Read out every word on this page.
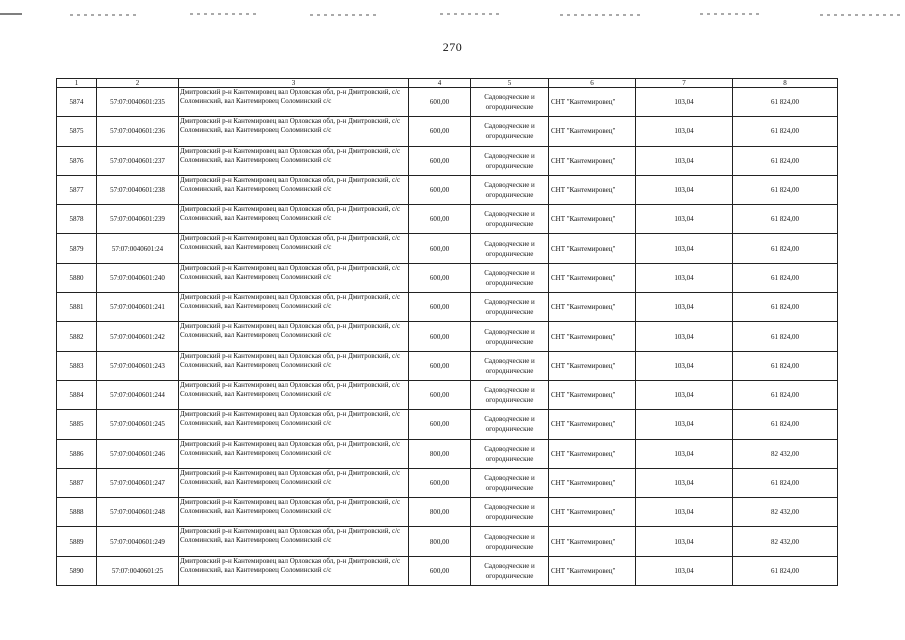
270
1	2	3	4	5	6	7	8
5874	57:07:0040601:235	Дмитровский р-н Кантемировец вал Орловская обл, р-н Дмитровский, с/с Соломинский, вал Кантемировец Соломинский с/с	600,00	Садоводческие и огороднические	СНТ "Кантемировец"	103,04	61 824,00
5875	57:07:0040601:236	Дмитровский р-н Кантемировец вал Орловская обл, р-н Дмитровский, с/с Соломинский, вал Кантемировец Соломинский с/с	600,00	Садоводческие и огороднические	СНТ "Кантемировец"	103,04	61 824,00
5876	57:07:0040601:237	Дмитровский р-н Кантемировец вал Орловская обл, р-н Дмитровский, с/с Соломинский, вал Кантемировец Соломинский с/с	600,00	Садоводческие и огороднические	СНТ "Кантемировец"	103,04	61 824,00
5877	57:07:0040601:238	Дмитровский р-н Кантемировец вал Орловская обл, р-н Дмитровский, с/с Соломинский, вал Кантемировец Соломинский с/с	600,00	Садоводческие и огороднические	СНТ "Кантемировец"	103,04	61 824,00
5878	57:07:0040601:239	Дмитровский р-н Кантемировец вал Орловская обл, р-н Дмитровский, с/с Соломинский, вал Кантемировец Соломинский с/с	600,00	Садоводческие и огороднические	СНТ "Кантемировец"	103,04	61 824,00
5879	57:07:0040601:24	Дмитровский р-н Кантемировец вал Орловская обл, р-н Дмитровский, с/с Соломинский, вал Кантемировец Соломинский с/с	600,00	Садоводческие и огороднические	СНТ "Кантемировец"	103,04	61 824,00
5880	57:07:0040601:240	Дмитровский р-н Кантемировец вал Орловская обл, р-н Дмитровский, с/с Соломинский, вал Кантемировец Соломинский с/с	600,00	Садоводческие и огороднические	СНТ "Кантемировец"	103,04	61 824,00
5881	57:07:0040601:241	Дмитровский р-н Кантемировец вал Орловская обл, р-н Дмитровский, с/с Соломинский, вал Кантемировец Соломинский с/с	600,00	Садоводческие и огороднические	СНТ "Кантемировец"	103,04	61 824,00
5882	57:07:0040601:242	Дмитровский р-н Кантемировец вал Орловская обл, р-н Дмитровский, с/с Соломинский, вал Кантемировец Соломинский с/с	600,00	Садоводческие и огороднические	СНТ "Кантемировец"	103,04	61 824,00
5883	57:07:0040601:243	Дмитровский р-н Кантемировец вал Орловская обл, р-н Дмитровский, с/с Соломинский, вал Кантемировец Соломинский с/с	600,00	Садоводческие и огороднические	СНТ "Кантемировец"	103,04	61 824,00
5884	57:07:0040601:244	Дмитровский р-н Кантемировец вал Орловская обл, р-н Дмитровский, с/с Соломинский, вал Кантемировец Соломинский с/с	600,00	Садоводческие и огороднические	СНТ "Кантемировец"	103,04	61 824,00
5885	57:07:0040601:245	Дмитровский р-н Кантемировец вал Орловская обл, р-н Дмитровский, с/с Соломинский, вал Кантемировец Соломинский с/с	600,00	Садоводческие и огороднические	СНТ "Кантемировец"	103,04	61 824,00
5886	57:07:0040601:246	Дмитровский р-н Кантемировец вал Орловская обл, р-н Дмитровский, с/с Соломинский, вал Кантемировец Соломинский с/с	800,00	Садоводческие и огороднические	СНТ "Кантемировец"	103,04	82 432,00
5887	57:07:0040601:247	Дмитровский р-н Кантемировец вал Орловская обл, р-н Дмитровский, с/с Соломинский, вал Кантемировец Соломинский с/с	600,00	Садоводческие и огороднические	СНТ "Кантемировец"	103,04	61 824,00
5888	57:07:0040601:248	Дмитровский р-н Кантемировец вал Орловская обл, р-н Дмитровский, с/с Соломинский, вал Кантемировец Соломинский с/с	800,00	Садоводческие и огороднические	СНТ "Кантемировец"	103,04	82 432,00
5889	57:07:0040601:249	Дмитровский р-н Кантемировец вал Орловская обл, р-н Дмитровский, с/с Соломинский, вал Кантемировец Соломинский с/с	800,00	Садоводческие и огороднические	СНТ "Кантемировец"	103,04	82 432,00
5890	57:07:0040601:25	Дмитровский р-н Кантемировец вал Орловская обл, р-н Дмитровский, с/с Соломинский, вал Кантемировец Соломинский с/с	600,00	Садоводческие и огороднические	СНТ "Кантемировец"	103,04	61 824,00
